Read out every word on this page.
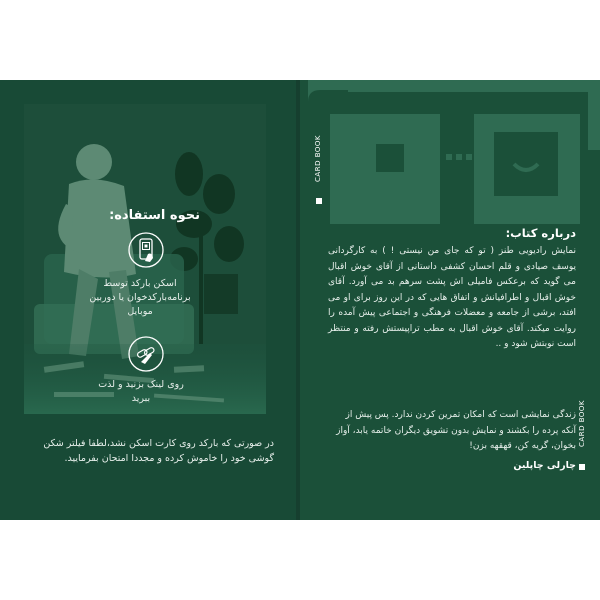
نحوه استفاده:
اسکن بارکد توسط برنامه‌بارکدخوان یا دوربین موبایل
روی لینک بزنید و لذت ببرید
در صورتی که بارکد روی کارت اسکن نشد،لطفا فیلتر شکن گوشی خود را خاموش کرده و مجددا امتحان بفرمایید.
CARD BOOK
درباره کتاب:
نمایش رادیویی طنز ( تو که جای من نیستی ! ) به کارگردانی یوسف صیادی و قلم احسان کشفی داستانی از آقای خوش اقبال می گوید که برعکس فامیلی اش پشت سرهم بد می آورد. آقای خوش اقبال و اطرافیانش و اتفاق هایی که در این روز برای او می افتد، برشی از جامعه و معضلات فرهنگی و اجتماعی پیش آمده را روایت میکند. آقای خوش اقبال به مطب تراپیستش رفته و منتظر است نوبتش شود و ..
زندگی نمایشی است که امکان تمرین کردن ندارد. پس پیش از آنکه پرده را بکشند و نمایش بدون تشویق دیگران خاتمه یابد، آواز بخوان، گریه کن، قهقهه بزن!
چارلی چاپلین
CARD BOOK
